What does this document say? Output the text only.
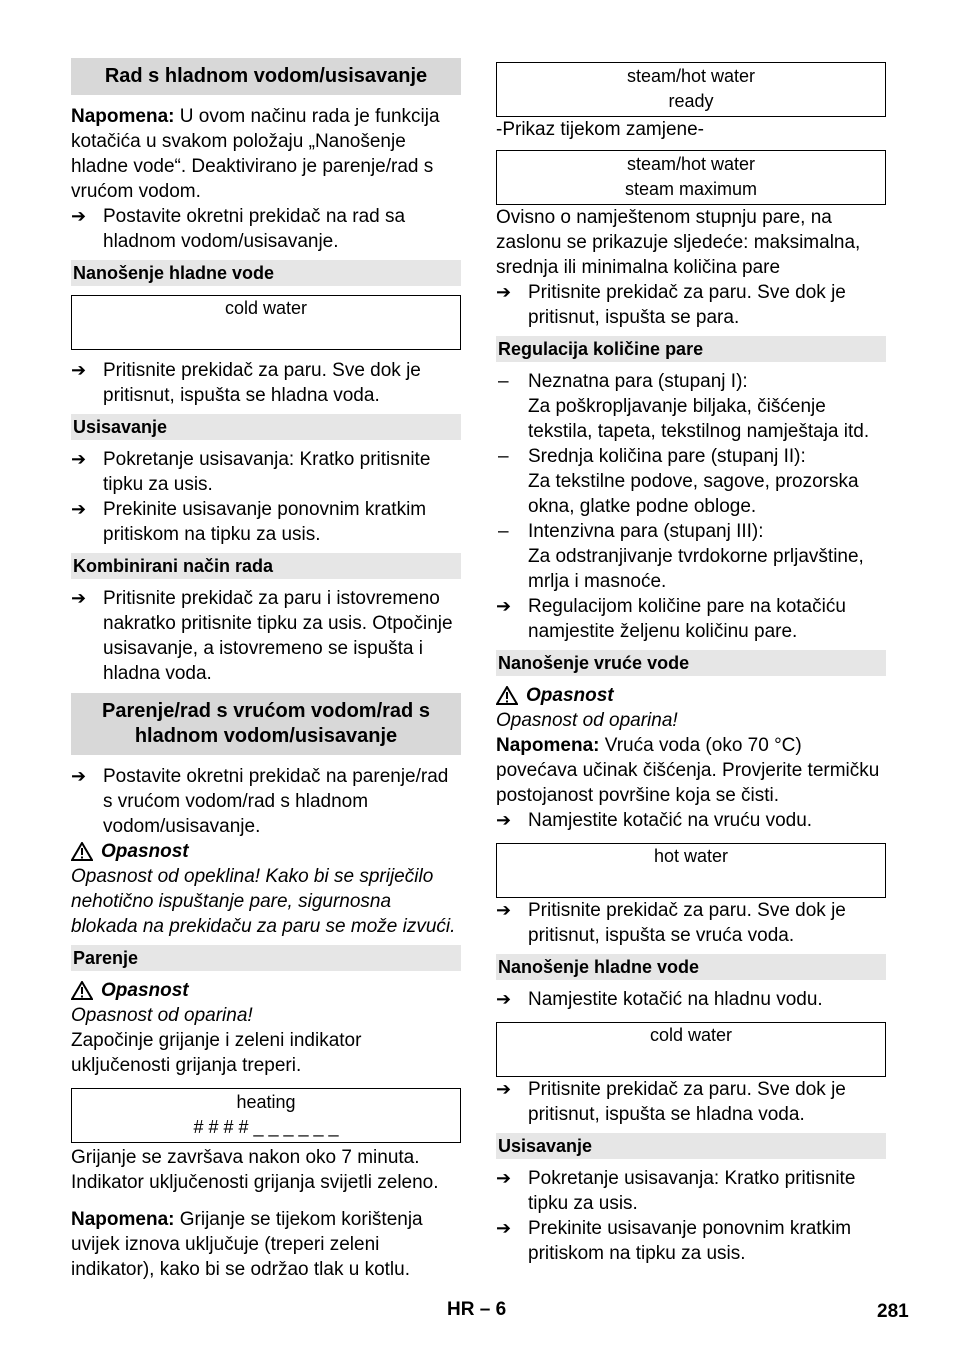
Rad s hladnom vodom/usisavanje

Napomena: U ovom načinu rada je funkcija kotačića u svakom položaju „Nanošenje hladne vode“. Deaktivirano je parenje/rad s vrućom vodom.

➔ Postavite okretni prekidač na rad sa hladnom vodom/usisavanje.
Nanošenje hladne vode
cold water
➔ Pritisnite prekidač za paru. Sve dok je pritisnut, ispušta se hladna voda.
Usisavanje
➔ Pokretanje usisavanja: Kratko pritisnite tipku za usis.
➔ Prekinite usisavanje ponovnim kratkim pritiskom na tipku za usis.
Kombinirani način rada
➔ Pritisnite prekidač za paru i istovremeno nakratko pritisnite tipku za usis. Otpočinje usisavanje, a istovremeno se ispušta i hladna voda.
Parenje/rad s vrućom vodom/rad s hladnom vodom/usisavanje
➔ Postavite okretni prekidač na parenje/rad s vrućom vodom/rad s hladnom vodom/usisavanje.
Opasnost

Opasnost od opeklina! Kako bi se spriječilo nehotično ispuštanje pare, sigurnosna blokada na prekidaču za paru se može izvući.

Parenje
Opasnost

Opasnost od oparina!

Započinje grijanje i zeleni indikator uključenosti grijanja treperi.

heating
# # # # _ _ _ _ _ _

Grijanje se završava nakon oko 7 minuta. Indikator uključenosti grijanja svijetli zeleno.

Napomena: Grijanje se tijekom korištenja uvijek iznova uključuje (treperi zeleni indikator), kako bi se održao tlak u kotlu.

steam/hot water
ready

-Prikaz tijekom zamjene-

steam/hot water
steam maximum

Ovisno o namještenom stupnju pare, na zaslonu se prikazuje sljedeće: maksimalna, srednja ili minimalna količina pare

➔ Pritisnite prekidač za paru. Sve dok je pritisnut, ispušta se para.
Regulacija količine pare
–	Neznatna para (stupanj I):
Za poškropljavanje biljaka, čišćenje tekstila, tapeta, tekstilnog namještaja itd.
–	Srednja količina pare (stupanj II):
Za tekstilne podove, sagove, prozorska okna, glatke podne obloge.
–	Intenzivna para (stupanj III):
Za odstranjivanje tvrdokorne prljavštine, mrlja i masnoće.
➔ Regulacijom količine pare na kotačiću namjestite željenu količinu pare.
Nanošenje vruće vode
Opasnost

Opasnost od oparina!

Napomena: Vruća voda (oko 70 °C) povećava učinak čišćenja. Provjerite termičku postojanost površine koja se čisti.

➔ Namjestite kotačić na vruću vodu.
hot water
➔ Pritisnite prekidač za paru. Sve dok je pritisnut, ispušta se vruća voda.
Nanošenje hladne vode
➔ Namjestite kotačić na hladnu vodu.
cold water
➔ Pritisnite prekidač za paru. Sve dok je pritisnut, ispušta se hladna voda.
Usisavanje
➔ Pokretanje usisavanja: Kratko pritisnite tipku za usis.
➔ Prekinite usisavanje ponovnim kratkim pritiskom na tipku za usis.
HR – 6	281
